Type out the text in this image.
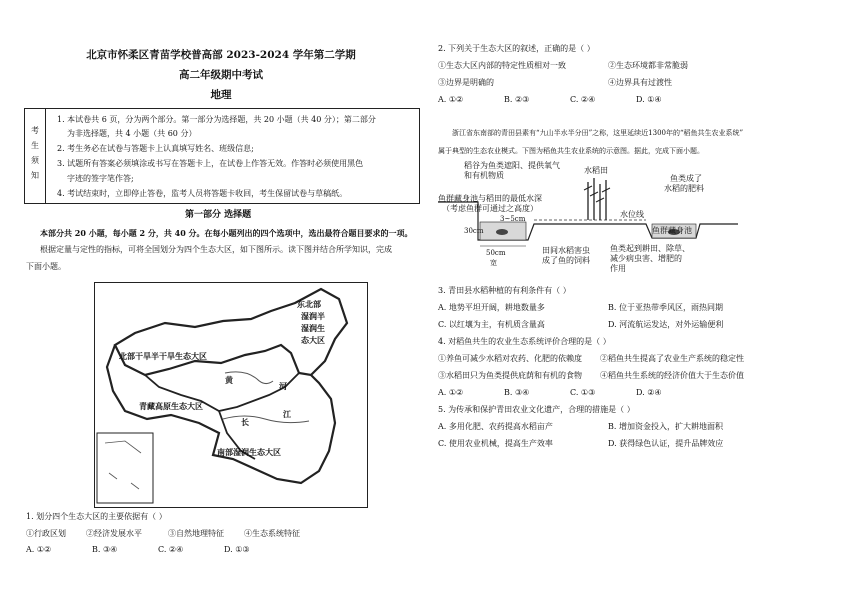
北京市怀柔区青苗学校普高部 2023-2024 学年第二学期
高二年级期中考试
地理
考
生
须
知
1. 本试卷共 6 页，分为两个部分。第一部分为选择题，共 20 小题（共 40 分）；第二部分
为非选择题，共 4 小题（共 60 分）
2. 考生务必在试卷与答题卡上认真填写姓名、班级信息;
3. 试题所有答案必须填涂或书写在答题卡上，在试卷上作答无效。作答时必须使用黑色
字迹的签字笔作答;
4. 考试结束时，立即停止答卷，监考人员将答题卡收回，考生保留试卷与草稿纸。
第一部分 选择题
本部分共 20 小题，每小题 2 分，共 40 分。在每小题列出的四个选项中，选出最符合题目要求的一项。
根据定量与定性的指标，可将全国划分为四个生态大区，如下图所示。读下图并结合所学知识，完成
下面小题。
东北部
湿润半
湿润生
态大区
北部干旱半干旱生态大区
黄
河
青藏高原生态大区
长
江
南部湿润生态大区
1. 划分四个生态大区的主要依据有（ ）
①行政区划	②经济发展水平	③自然地理特征	④生态系统特征
A. ①②	B. ③④	C. ②④	D. ①③
2. 下列关于生态大区的叙述，正确的是（ ）
①生态大区内部的特定性质相对一致	②生态环境都非常脆弱
③边界是明确的	④边界具有过渡性
A. ①②	B. ②③	C. ②④	D. ①④
浙江省东南部的青田县素有“九山半水半分田”之称，这里延续近1300年的“稻鱼共生农业系统”
属于典型的生态农业模式。下图为稻鱼共生农业系统的示意图。据此，完成下面小题。
稻谷为鱼类遮阳、提供氧气
和有机物质
水稻田
鱼类成了
水稻的肥料
鱼群藏身池与稻田的最低水深
（考虑鱼群可通过之高度）
3~5cm	水位线
鱼群藏身池
30cm
50cm
宽
田间水稻害虫
成了鱼的饲料
鱼类起到耕田、除草、
减少病虫害、增肥的
作用
3. 青田县水稻种植的有利条件有（ ）
A. 地势平坦开阔，耕地数量多	B. 位于亚热带季风区，雨热同期
C. 以红壤为主，有机质含量高	D. 河流航运发达，对外运输便利
4. 对稻鱼共生的农业生态系统评价合理的是（ ）
①养鱼可减少水稻对农药、化肥的依赖度 ②稻鱼共生提高了农业生产系统的稳定性
③水稻田只为鱼类提供庇荫和有机的食物 ④稻鱼共生系统的经济价值大于生态价值
A. ①②	B. ③④	C. ①③	D. ②④
5. 为传承和保护青田农业文化遗产，合理的措施是（ ）
A. 多用化肥、农药提高水稻亩产	B. 增加资金投入，扩大耕地面积
C. 使用农业机械，提高生产效率	D. 获得绿色认证，提升品牌效应
